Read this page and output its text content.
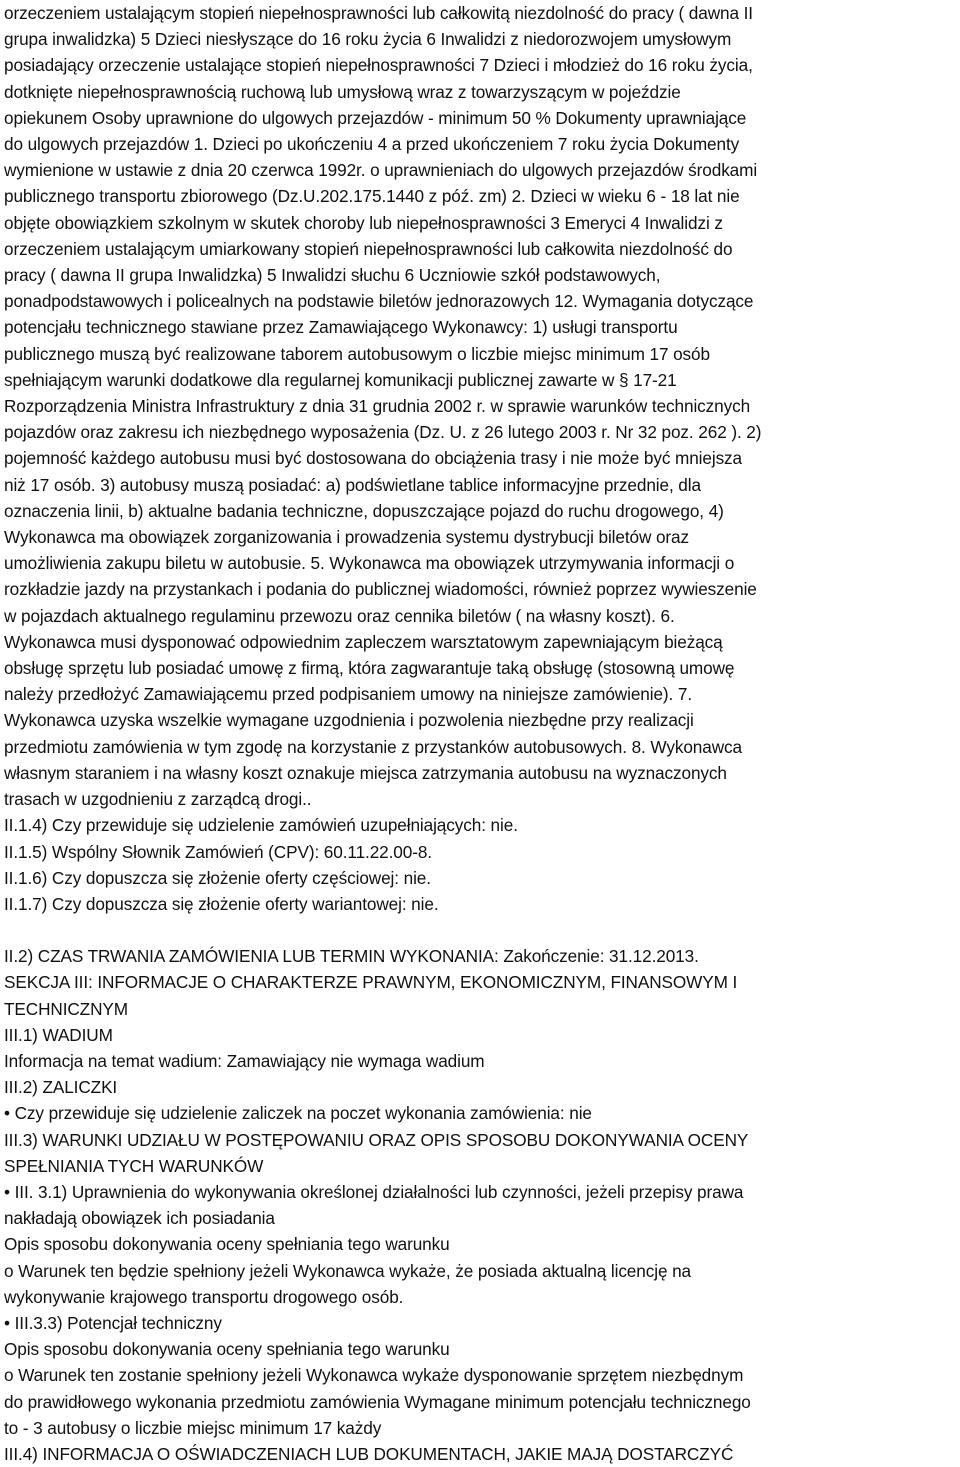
orzeczeniem ustalającym stopień niepełnosprawności lub całkowitą niezdolność do pracy ( dawna II
grupa inwalidzka) 5 Dzieci niesłyszące do 16 roku życia 6 Inwalidzi z niedorozwojem umysłowym
posiadający orzeczenie ustalające stopień niepełnosprawności 7 Dzieci i młodzież do 16 roku życia,
dotknięte niepełnosprawnością ruchową lub umysłową wraz z towarzyszącym w pojeździe
opiekunem Osoby uprawnione do ulgowych przejazdów - minimum 50 % Dokumenty uprawniające
do ulgowych przejazdów 1. Dzieci po ukończeniu 4 a przed ukończeniem 7 roku życia Dokumenty
wymienione w ustawie z dnia 20 czerwca 1992r. o uprawnieniach do ulgowych przejazdów środkami
publicznego transportu zbiorowego (Dz.U.202.175.1440 z póź. zm) 2. Dzieci w wieku 6 - 18 lat nie
objęte obowiązkiem szkolnym w skutek choroby lub niepełnosprawności 3 Emeryci 4 Inwalidzi z
orzeczeniem ustalającym umiarkowany stopień niepełnosprawności lub całkowita niezdolność do
pracy ( dawna II grupa Inwalidzka) 5 Inwalidzi słuchu 6 Uczniowie szkół podstawowych,
ponadpodstawowych i policealnych na podstawie biletów jednorazowych 12. Wymagania dotyczące
potencjału technicznego stawiane przez Zamawiającego Wykonawcy: 1) usługi transportu
publicznego muszą być realizowane taborem autobusowym o liczbie miejsc minimum 17 osób
spełniającym warunki dodatkowe dla regularnej komunikacji publicznej zawarte w § 17-21
Rozporządzenia Ministra Infrastruktury z dnia 31 grudnia 2002 r. w sprawie warunków technicznych
pojazdów oraz zakresu ich niezbędnego wyposażenia (Dz. U. z 26 lutego 2003 r. Nr 32 poz. 262 ). 2)
pojemność każdego autobusu musi być dostosowana do obciążenia trasy i nie może być mniejsza
niż 17 osób. 3) autobusy muszą posiadać: a) podświetlane tablice informacyjne przednie, dla
oznaczenia linii, b) aktualne badania techniczne, dopuszczające pojazd do ruchu drogowego, 4)
Wykonawca ma obowiązek zorganizowania i prowadzenia systemu dystrybucji biletów oraz
umożliwienia zakupu biletu w autobusie. 5. Wykonawca ma obowiązek utrzymywania informacji o
rozkładzie jazdy na przystankach i podania do publicznej wiadomości, również poprzez wywieszenie
w pojazdach aktualnego regulaminu przewozu oraz cennika biletów ( na własny koszt). 6.
Wykonawca musi dysponować odpowiednim zapleczem warsztatowym zapewniającym bieżącą
obsługę sprzętu lub posiadać umowę z firmą, która zagwarantuje taką obsługę (stosowną umowę
należy przedłożyć Zamawiającemu przed podpisaniem umowy na niniejsze zamówienie). 7.
Wykonawca uzyska wszelkie wymagane uzgodnienia i pozwolenia niezbędne przy realizacji
przedmiotu zamówienia w tym zgodę na korzystanie z przystanków autobusowych. 8. Wykonawca
własnym staraniem i na własny koszt oznakuje miejsca zatrzymania autobusu na wyznaczonych
trasach w uzgodnieniu z zarządcą drogi..
II.1.4) Czy przewiduje się udzielenie zamówień uzupełniających: nie.
II.1.5) Wspólny Słownik Zamówień (CPV): 60.11.22.00-8.
II.1.6) Czy dopuszcza się złożenie oferty częściowej: nie.
II.1.7) Czy dopuszcza się złożenie oferty wariantowej: nie.
II.2) CZAS TRWANIA ZAMÓWIENIA LUB TERMIN WYKONANIA: Zakończenie: 31.12.2013.
SEKCJA III: INFORMACJE O CHARAKTERZE PRAWNYM, EKONOMICZNYM, FINANSOWYM I
TECHNICZNYM
III.1) WADIUM
Informacja na temat wadium: Zamawiający nie wymaga wadium
III.2) ZALICZKI
• Czy przewiduje się udzielenie zaliczek na poczet wykonania zamówienia: nie
III.3) WARUNKI UDZIAŁU W POSTĘPOWANIU ORAZ OPIS SPOSOBU DOKONYWANIA OCENY
SPEŁNIANIA TYCH WARUNKÓW
• III. 3.1) Uprawnienia do wykonywania określonej działalności lub czynności, jeżeli przepisy prawa
nakładają obowiązek ich posiadania
Opis sposobu dokonywania oceny spełniania tego warunku
o Warunek ten będzie spełniony jeżeli Wykonawca wykaże, że posiada aktualną licencję na
wykonywanie krajowego transportu drogowego osób.
• III.3.3) Potencjał techniczny
Opis sposobu dokonywania oceny spełniania tego warunku
o Warunek ten zostanie spełniony jeżeli Wykonawca wykaże dysponowanie sprzętem niezbędnym
do prawidłowego wykonania przedmiotu zamówienia Wymagane minimum potencjału technicznego
to - 3 autobusy o liczbie miejsc minimum 17 każdy
III.4) INFORMACJA O OŚWIADCZENIACH LUB DOKUMENTACH, JAKIE MAJĄ DOSTARCZYĆ
